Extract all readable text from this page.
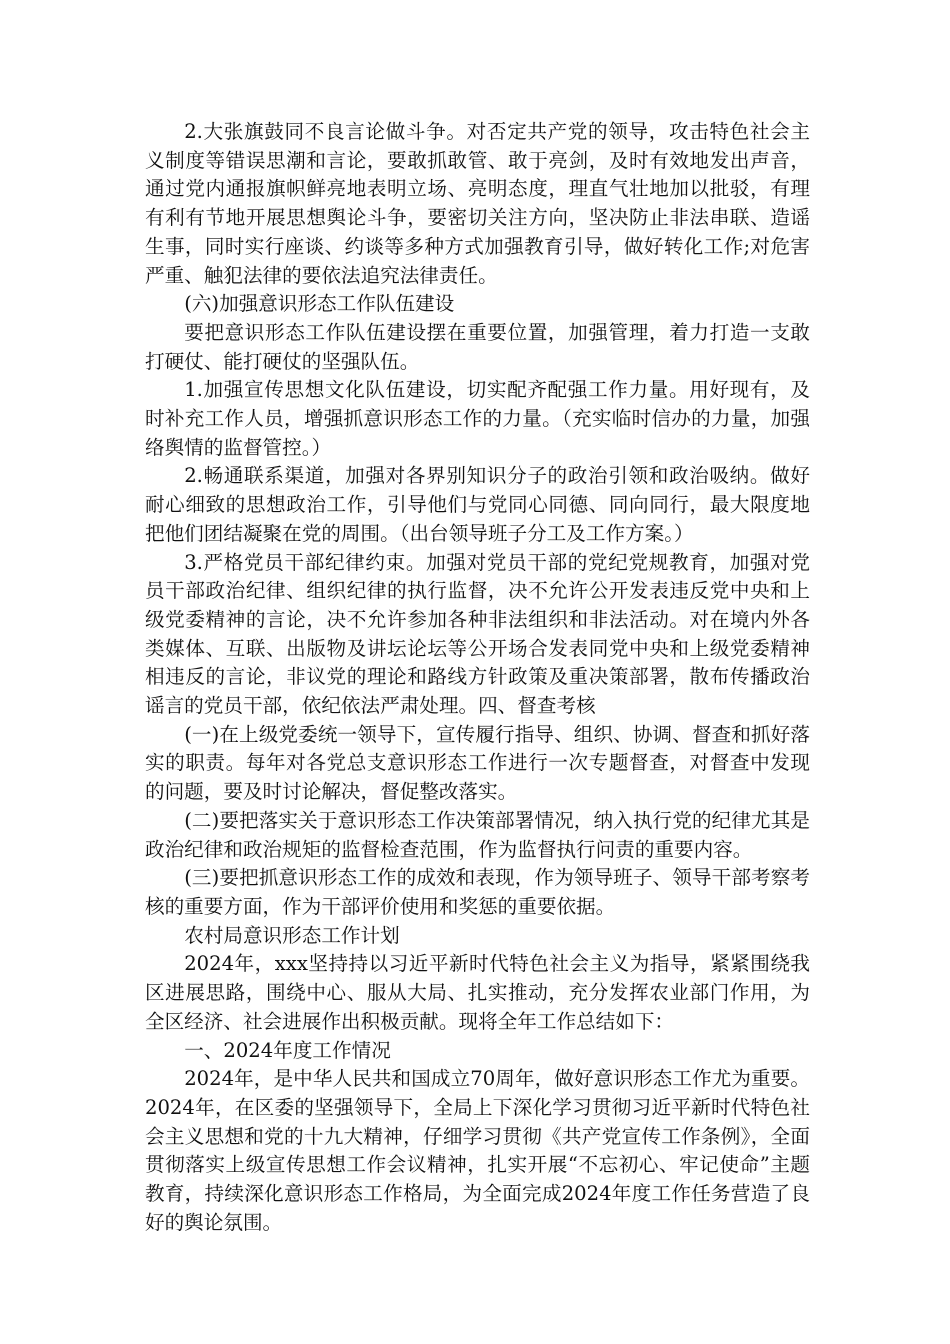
2.大张旗鼓同不良言论做斗争。对否定共产党的领导，攻击特色社会主义制度等错误思潮和言论，要敢抓敢管、敢于亮剑，及时有效地发出声音，通过党内通报旗帜鲜亮地表明立场、亮明态度，理直气壮地加以批驳，有理有利有节地开展思想舆论斗争，要密切关注方向，坚决防止非法串联、造谣生事，同时实行座谈、约谈等多种方式加强教育引导，做好转化工作;对危害严重、触犯法律的要依法追究法律责任。

(六)加强意识形态工作队伍建设

要把意识形态工作队伍建设摆在重要位置，加强管理，着力打造一支敢打硬仗、能打硬仗的坚强队伍。

1.加强宣传思想文化队伍建设，切实配齐配强工作力量。用好现有，及时补充工作人员，增强抓意识形态工作的力量。（充实临时信办的力量，加强络舆情的监督管控。）

2.畅通联系渠道，加强对各界别知识分子的政治引领和政治吸纳。做好耐心细致的思想政治工作，引导他们与党同心同德、同向同行，最大限度地把他们团结凝聚在党的周围。（出台领导班子分工及工作方案。）

3.严格党员干部纪律约束。加强对党员干部的党纪党规教育，加强对党员干部政治纪律、组织纪律的执行监督，决不允许公开发表违反党中央和上级党委精神的言论，决不允许参加各种非法组织和非法活动。对在境内外各类媒体、互联、出版物及讲坛论坛等公开场合发表同党中央和上级党委精神相违反的言论，非议党的理论和路线方针政策及重决策部署，散布传播政治谣言的党员干部，依纪依法严肃处理。四、督查考核

(一)在上级党委统一领导下，宣传履行指导、组织、协调、督查和抓好落实的职责。每年对各党总支意识形态工作进行一次专题督查，对督查中发现的问题，要及时讨论解决，督促整改落实。

(二)要把落实关于意识形态工作决策部署情况，纳入执行党的纪律尤其是政治纪律和政治规矩的监督检查范围，作为监督执行问责的重要内容。

(三)要把抓意识形态工作的成效和表现，作为领导班子、领导干部考察考核的重要方面，作为干部评价使用和奖惩的重要依据。

农村局意识形态工作计划

2024年，xxx坚持持以习近平新时代特色社会主义为指导，紧紧围绕我区进展思路，围绕中心、服从大局、扎实推动，充分发挥农业部门作用，为全区经济、社会进展作出积极贡献。现将全年工作总结如下：

一、2024年度工作情况

2024年，是中华人民共和国成立70周年，做好意识形态工作尤为重要。2024年，在区委的坚强领导下，全局上下深化学习贯彻习近平新时代特色社会主义思想和党的十九大精神，仔细学习贯彻《共产党宣传工作条例》，全面贯彻落实上级宣传思想工作会议精神，扎实开展“不忘初心、牢记使命”主题教育，持续深化意识形态工作格局，为全面完成2024年度工作任务营造了良好的舆论氛围。
